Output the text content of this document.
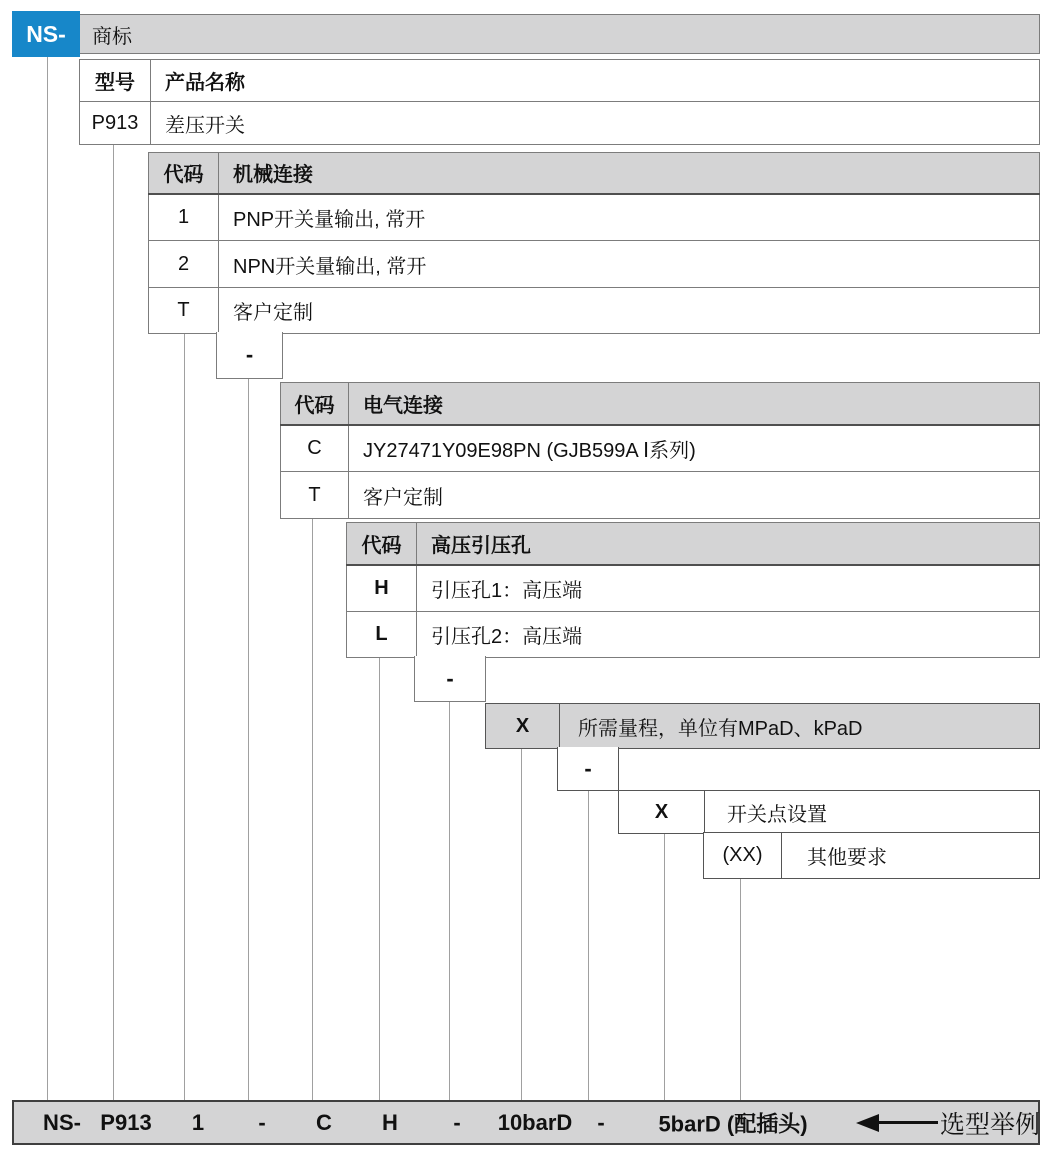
NS- 商标
型号	产品名称
P913	差压开关
代码	机械连接
1	PNP开关量输出, 常开
2	NPN开关量输出, 常开
T	客户定制
-
代码	电气连接
C	JY27471Y09E98PN (GJB599A Ⅰ系列)
T	客户定制
代码	高压引压孔
H	引压孔1：高压端
L	引压孔2：高压端
-
X	所需量程，单位有MPaD、kPaD
-
X	开关点设置
(XX)	其他要求
NS- P913 1 - C H	- 10barD - 5barD (配插头)	选型举例
